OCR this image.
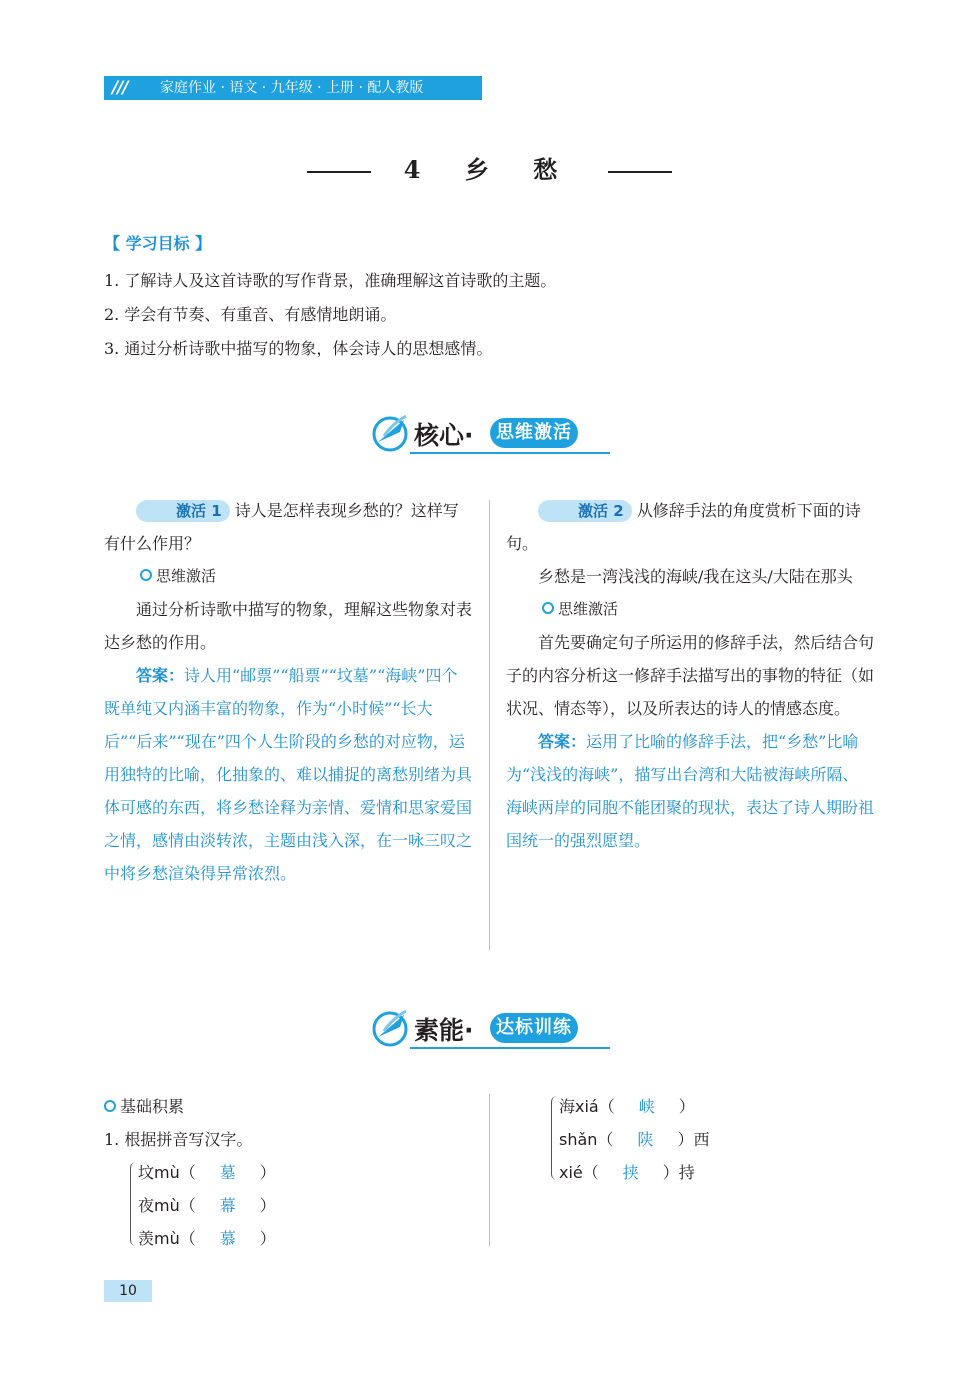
/// 家庭作业 · 语文 · 九年级 · 上册 · 配人教版
4 乡 愁
【 学习目标 】
1. 了解诗人及这首诗歌的写作背景，准确理解这首诗歌的主题。
2. 学会有节奏、有重音、有感情地朗诵。
3. 通过分析诗歌中描写的物象，体会诗人的思想感情。
核心·	思维激活

激活 1 诗人是怎样表现乡愁的？这样写有什么作用？

思维激活

通过分析诗歌中描写的物象，理解这些物象对表达乡愁的作用。

答案：诗人用“邮票”“船票”“坟墓”“海峡”四个既单纯又内涵丰富的物象，作为“小时候”“长大后”“后来”“现在”四个人生阶段的乡愁的对应物，运用独特的比喻，化抽象的、难以捕捉的离愁别绪为具体可感的东西，将乡愁诠释为亲情、爱情和思家爱国之情，感情由淡转浓，主题由浅入深，在一咏三叹之中将乡愁渲染得异常浓烈。

激活 2 从修辞手法的角度赏析下面的诗句。

乡愁是一湾浅浅的海峡/我在这头/大陆在那头

思维激活

首先要确定句子所运用的修辞手法，然后结合句子的内容分析这一修辞手法描写出的事物的特征（如状况、情态等），以及所表达的诗人的情感态度。

答案：运用了比喻的修辞手法，把“乡愁”比喻为“浅浅的海峡”，描写出台湾和大陆被海峡所隔、海峡两岸的同胞不能团聚的现状，表达了诗人期盼祖国统一的强烈愿望。

素能·	达标训练
基础积累
1. 根据拼音写汉字。
坟mù（ 墓 ）
夜mù（ 幕 ）
羡mù（ 慕 ）
海xiá（ 峡 ）
shǎn（ 陕 ）西
xié（ 挟 ）持
10
